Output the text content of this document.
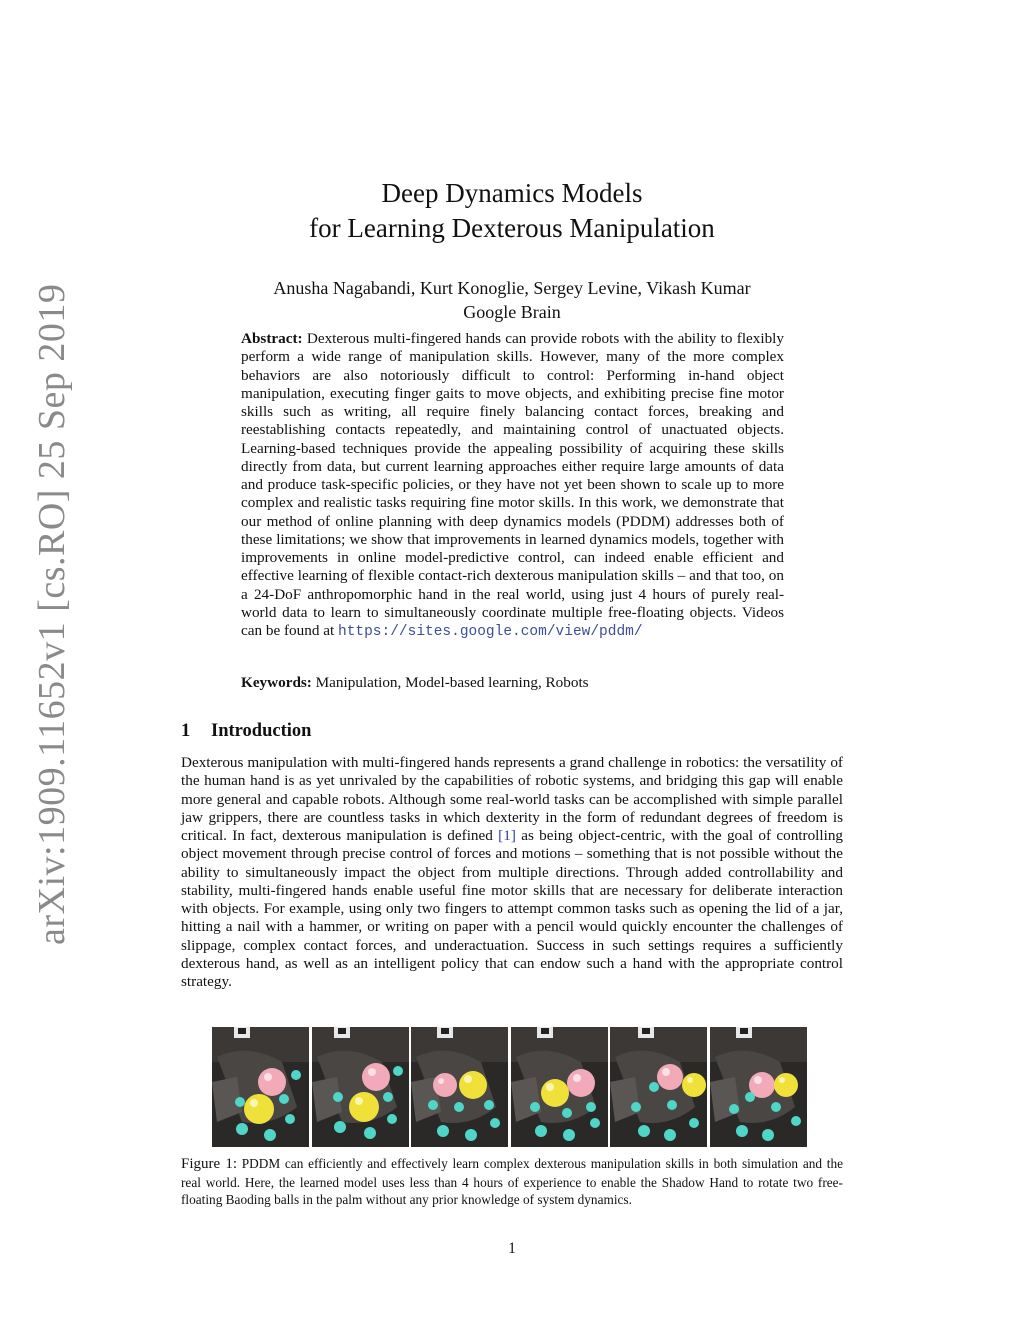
arXiv:1909.11652v1 [cs.RO] 25 Sep 2019
Deep Dynamics Models
for Learning Dexterous Manipulation
Anusha Nagabandi, Kurt Konoglie, Sergey Levine, Vikash Kumar
Google Brain
Abstract: Dexterous multi-fingered hands can provide robots with the ability to flexibly perform a wide range of manipulation skills. However, many of the more complex behaviors are also notoriously difficult to control: Performing in-hand object manipulation, executing finger gaits to move objects, and exhibiting precise fine motor skills such as writing, all require finely balancing contact forces, breaking and reestablishing contacts repeatedly, and maintaining control of unactuated objects. Learning-based techniques provide the appealing possibility of acquiring these skills directly from data, but current learning approaches either require large amounts of data and produce task-specific policies, or they have not yet been shown to scale up to more complex and realistic tasks requiring fine motor skills. In this work, we demonstrate that our method of online planning with deep dynamics models (PDDM) addresses both of these limitations; we show that improvements in learned dynamics models, together with improvements in online model-predictive control, can indeed enable efficient and effective learning of flexible contact-rich dexterous manipulation skills – and that too, on a 24-DoF anthropomorphic hand in the real world, using just 4 hours of purely real-world data to learn to simultaneously coordinate multiple free-floating objects. Videos can be found at https://sites.google.com/view/pddm/
Keywords: Manipulation, Model-based learning, Robots
1 Introduction
Dexterous manipulation with multi-fingered hands represents a grand challenge in robotics: the versatility of the human hand is as yet unrivaled by the capabilities of robotic systems, and bridging this gap will enable more general and capable robots. Although some real-world tasks can be accomplished with simple parallel jaw grippers, there are countless tasks in which dexterity in the form of redundant degrees of freedom is critical. In fact, dexterous manipulation is defined [1] as being object-centric, with the goal of controlling object movement through precise control of forces and motions – something that is not possible without the ability to simultaneously impact the object from multiple directions. Through added controllability and stability, multi-fingered hands enable useful fine motor skills that are necessary for deliberate interaction with objects. For example, using only two fingers to attempt common tasks such as opening the lid of a jar, hitting a nail with a hammer, or writing on paper with a pencil would quickly encounter the challenges of slippage, complex contact forces, and underactuation. Success in such settings requires a sufficiently dexterous hand, as well as an intelligent policy that can endow such a hand with the appropriate control strategy.
Figure 1: PDDM can efficiently and effectively learn complex dexterous manipulation skills in both simulation and the real world. Here, the learned model uses less than 4 hours of experience to enable the Shadow Hand to rotate two free-floating Baoding balls in the palm without any prior knowledge of system dynamics.
1
